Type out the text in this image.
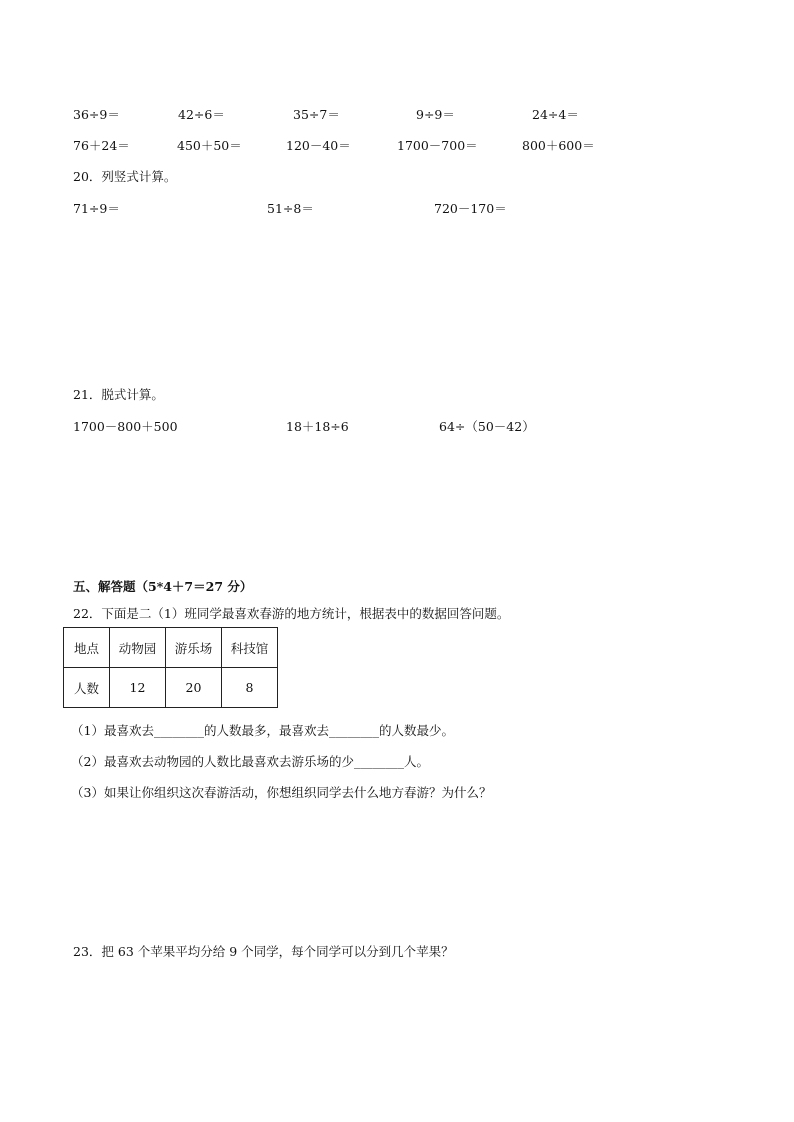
36÷9＝	42÷6＝	35÷7＝	9÷9＝	24÷4＝
76＋24＝	450＋50＝	120－40＝	1700－700＝	800＋600＝
20．列竖式计算。
71÷9＝	51÷8＝	720－170＝
21．脱式计算。
1700－800＋500	18＋18÷6	64÷（50－42）
五、解答题（5*4＋7＝27 分）
22．下面是二（1）班同学最喜欢春游的地方统计，根据表中的数据回答问题。
地点	动物园	游乐场	科技馆
人数	12	20	8
（1）最喜欢去________的人数最多，最喜欢去________的人数最少。
（2）最喜欢去动物园的人数比最喜欢去游乐场的少________人。
（3）如果让你组织这次春游活动，你想组织同学去什么地方春游？为什么？
23．把 63 个苹果平均分给 9 个同学，每个同学可以分到几个苹果？
